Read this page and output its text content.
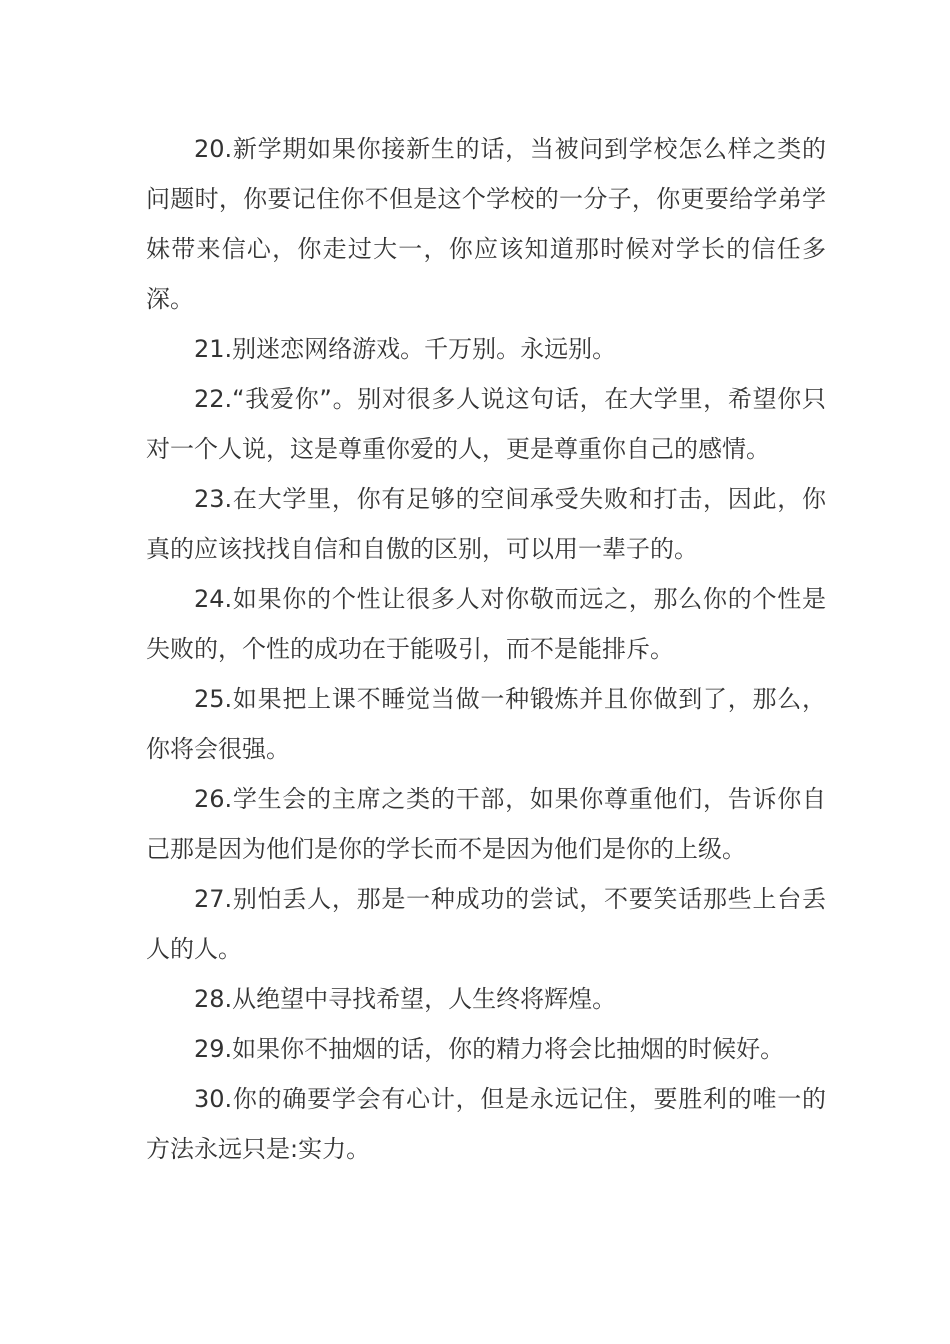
20.新学期如果你接新生的话，当被问到学校怎么样之类的问题时，你要记住你不但是这个学校的一分子，你更要给学弟学妹带来信心，你走过大一，你应该知道那时候对学长的信任多深。

21.别迷恋网络游戏。千万别。永远别。

22.“我爱你”。别对很多人说这句话，在大学里，希望你只对一个人说，这是尊重你爱的人，更是尊重你自己的感情。

23.在大学里，你有足够的空间承受失败和打击，因此，你真的应该找找自信和自傲的区别，可以用一辈子的。

24.如果你的个性让很多人对你敬而远之，那么你的个性是失败的，个性的成功在于能吸引，而不是能排斥。

25.如果把上课不睡觉当做一种锻炼并且你做到了，那么，你将会很强。

26.学生会的主席之类的干部，如果你尊重他们，告诉你自己那是因为他们是你的学长而不是因为他们是你的上级。

27.别怕丢人，那是一种成功的尝试，不要笑话那些上台丢人的人。

28.从绝望中寻找希望，人生终将辉煌。

29.如果你不抽烟的话，你的精力将会比抽烟的时候好。

30.你的确要学会有心计，但是永远记住，要胜利的唯一的方法永远只是:实力。
